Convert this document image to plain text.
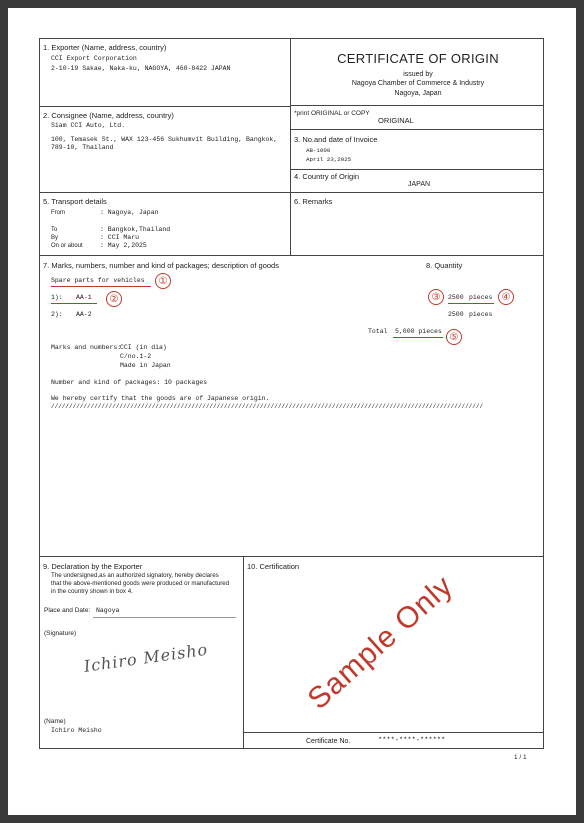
1. Exporter (Name, address, country)
CCI Export Corporation
2-10-19 Sakae, Naka-ku, NAGOYA, 460-8422 JAPAN
CERTIFICATE OF ORIGIN
issued by
Nagoya Chamber of Commerce & Industry
Nagoya, Japan
2. Consignee (Name, address, country)
Siam CCI Auto, Ltd.
100, Temasek St., WAX 123-456 Sukhumvit Building, Bangkok,
789-10, Thailand
*print ORIGINAL or COPY
ORIGINAL
3. No.and date of Invoice
AB-1000
April 23,2025
4. Country of Origin
JAPAN
5. Transport details
From	: Nagoya, Japan
To	: Bangkok,Thailand
By	: CCI Maru
On or about	: May 2,2025
6. Remarks
7. Marks, numbers, number and kind of packages; description of goods
Spare parts for vehicles	①
1): AA-1	②
2): AA-2
Marks and numbers:
CCI (in dia)
C/no.1-2
Made in Japan
Number and kind of packages: 10 packages
We hereby certify that the goods are of Japanese origin.
////////////////////////////////////////////////////////////////////////////////////////////////////////////////////////
8. Quantity
③	2500 pieces ④
2500 pieces
Total 5,000 pieces
⑤
9. Declaration by the Exporter
The undersigned,as an authorized signatory, hereby declares
that the above-mentioned goods were produced or manufactured
in the country shown in box 4.
Place and Date: Nagoya
(Signature)
Ichiro Meisho
(Name)
Ichiro Meisho
10. Certification
Sample Only
Certificate No.	****-****-******
1 / 1
